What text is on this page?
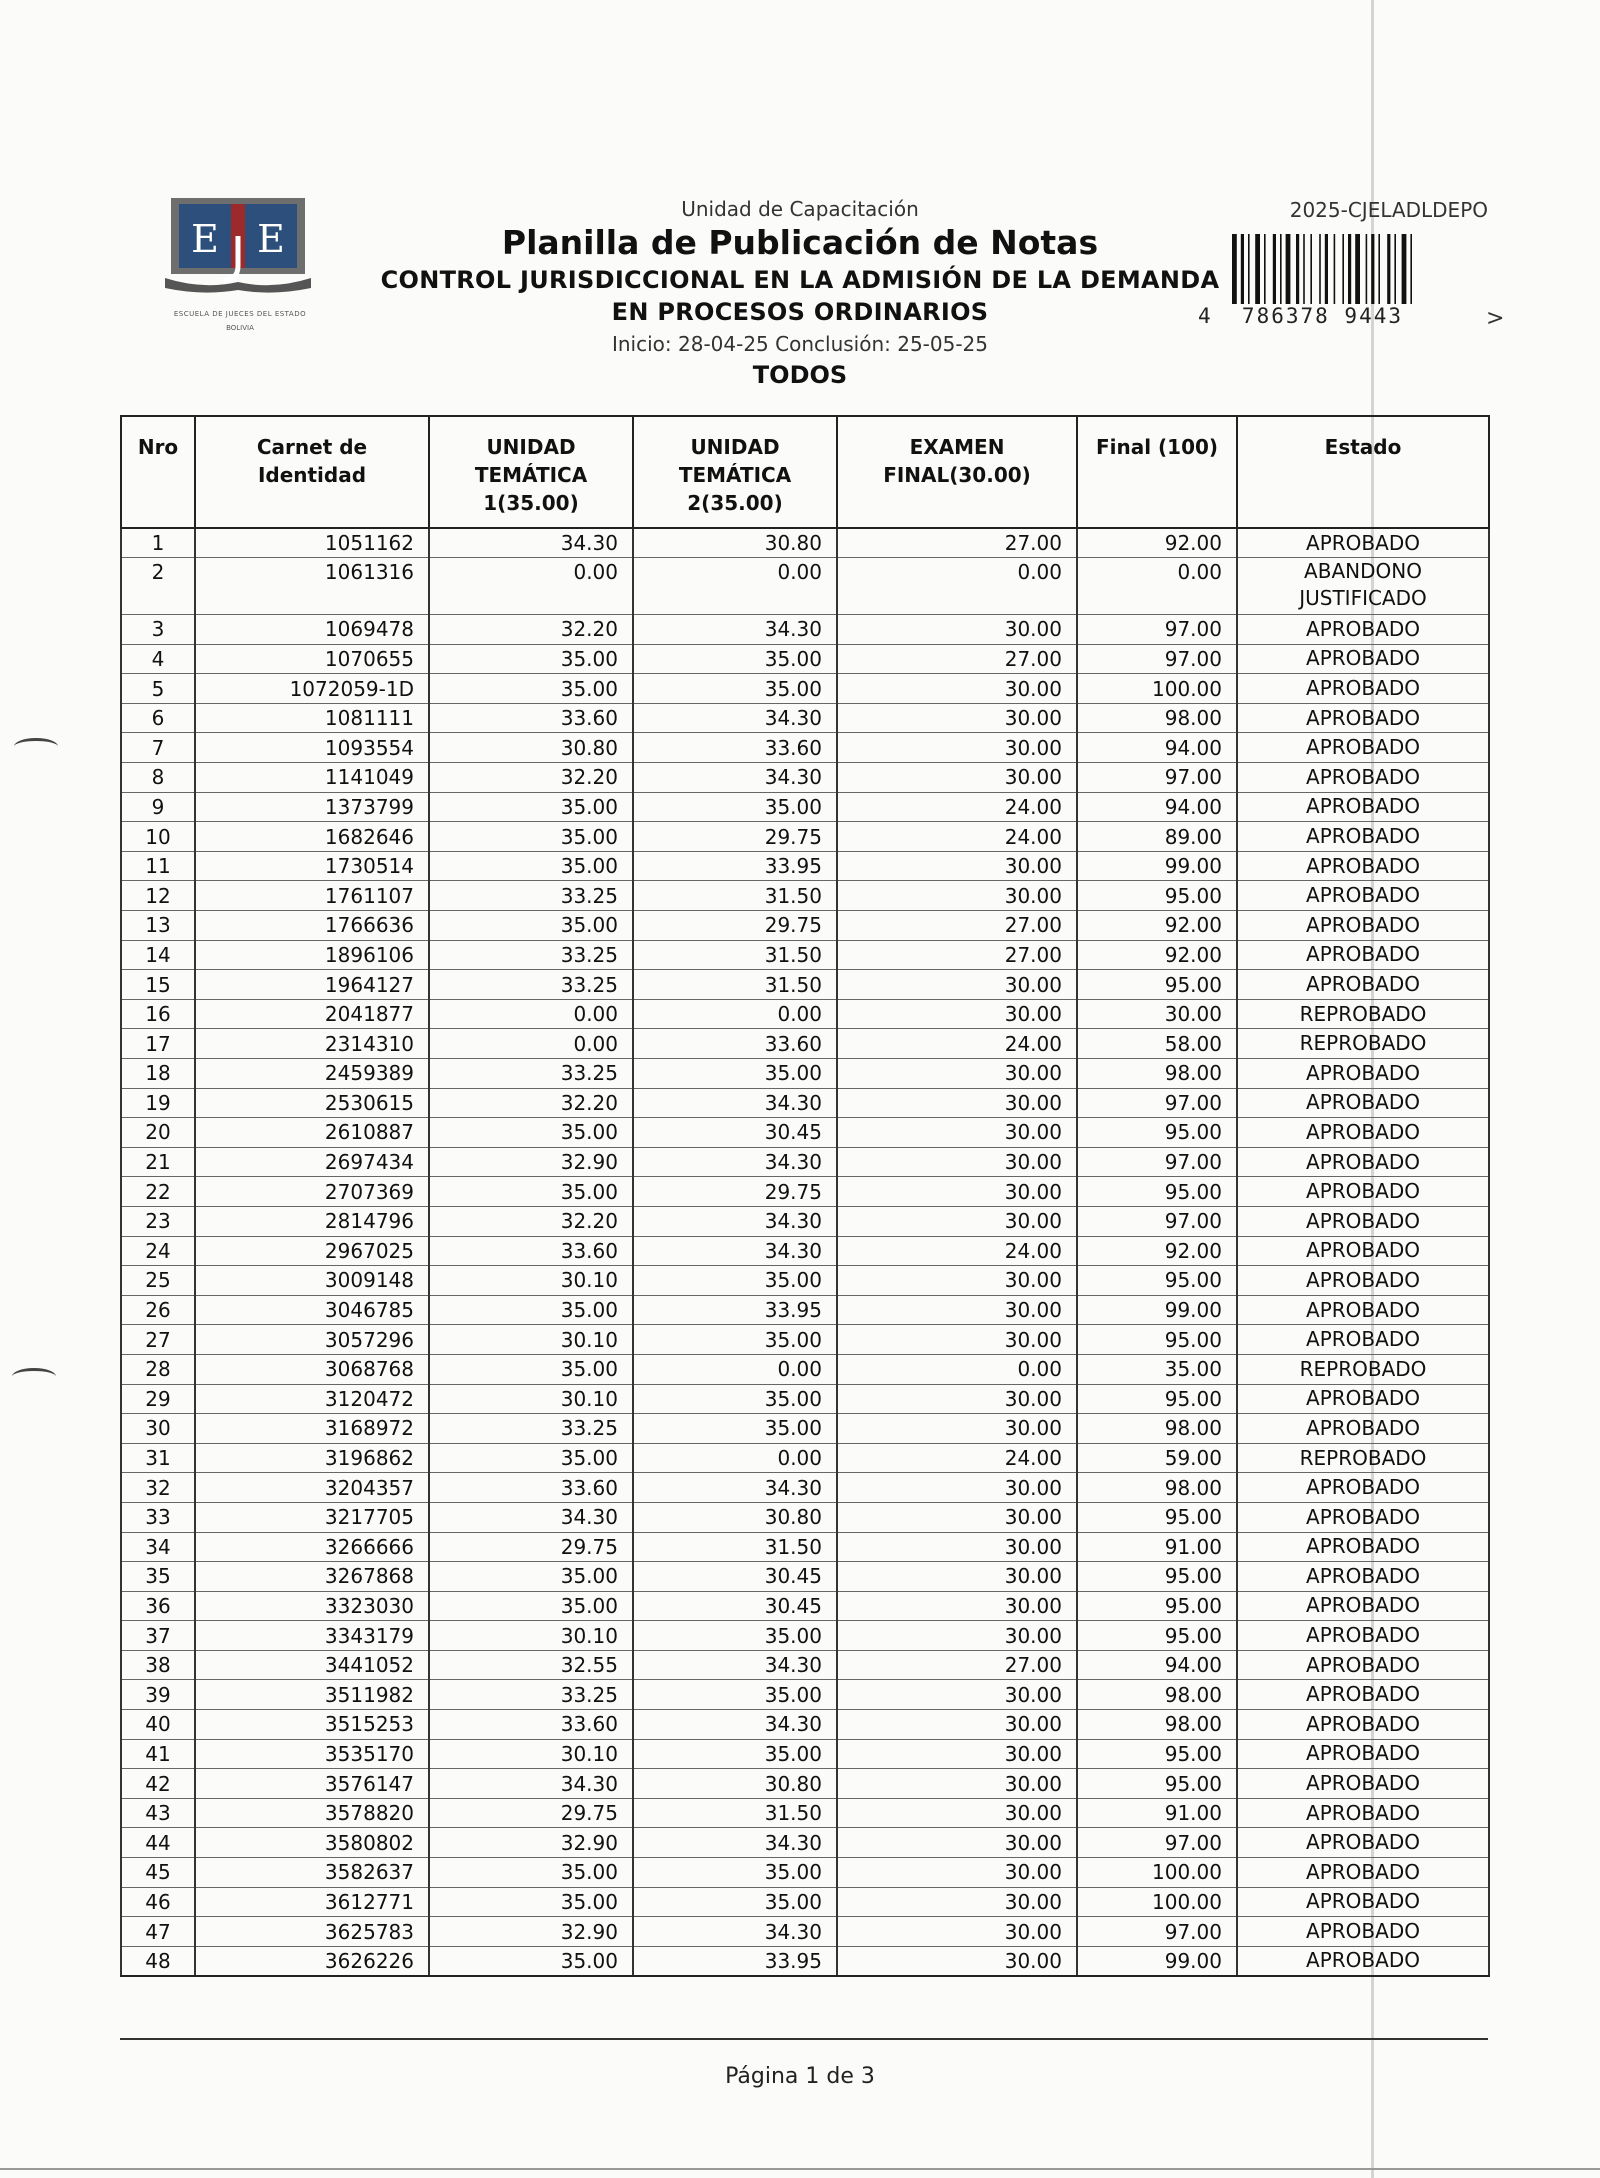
E E
ESCUELA DE JUECES DEL ESTADO
BOLIVIA
Unidad de Capacitación
Planilla de Publicación de Notas
CONTROL JURISDICCIONAL EN LA ADMISIÓN DE LA DEMANDA
EN PROCESOS ORDINARIOS
Inicio: 28-04-25 Conclusión: 25-05-25
TODOS
2025-CJELADLDEPO
4  786378 9443	>
Nro	Carnet de Identidad	UNIDAD TEMÁTICA 1(35.00)	UNIDAD TEMÁTICA 2(35.00)	EXAMEN FINAL(30.00)	Final (100)	Estado
1	1051162	34.30	30.80	27.00	92.00	APROBADO
2	1061316	0.00	0.00	0.00	0.00	ABANDONO JUSTIFICADO
3	1069478	32.20	34.30	30.00	97.00	APROBADO
4	1070655	35.00	35.00	27.00	97.00	APROBADO
5	1072059-1D	35.00	35.00	30.00	100.00	APROBADO
6	1081111	33.60	34.30	30.00	98.00	APROBADO
7	1093554	30.80	33.60	30.00	94.00	APROBADO
8	1141049	32.20	34.30	30.00	97.00	APROBADO
9	1373799	35.00	35.00	24.00	94.00	APROBADO
10	1682646	35.00	29.75	24.00	89.00	APROBADO
11	1730514	35.00	33.95	30.00	99.00	APROBADO
12	1761107	33.25	31.50	30.00	95.00	APROBADO
13	1766636	35.00	29.75	27.00	92.00	APROBADO
14	1896106	33.25	31.50	27.00	92.00	APROBADO
15	1964127	33.25	31.50	30.00	95.00	APROBADO
16	2041877	0.00	0.00	30.00	30.00	REPROBADO
17	2314310	0.00	33.60	24.00	58.00	REPROBADO
18	2459389	33.25	35.00	30.00	98.00	APROBADO
19	2530615	32.20	34.30	30.00	97.00	APROBADO
20	2610887	35.00	30.45	30.00	95.00	APROBADO
21	2697434	32.90	34.30	30.00	97.00	APROBADO
22	2707369	35.00	29.75	30.00	95.00	APROBADO
23	2814796	32.20	34.30	30.00	97.00	APROBADO
24	2967025	33.60	34.30	24.00	92.00	APROBADO
25	3009148	30.10	35.00	30.00	95.00	APROBADO
26	3046785	35.00	33.95	30.00	99.00	APROBADO
27	3057296	30.10	35.00	30.00	95.00	APROBADO
28	3068768	35.00	0.00	0.00	35.00	REPROBADO
29	3120472	30.10	35.00	30.00	95.00	APROBADO
30	3168972	33.25	35.00	30.00	98.00	APROBADO
31	3196862	35.00	0.00	24.00	59.00	REPROBADO
32	3204357	33.60	34.30	30.00	98.00	APROBADO
33	3217705	34.30	30.80	30.00	95.00	APROBADO
34	3266666	29.75	31.50	30.00	91.00	APROBADO
35	3267868	35.00	30.45	30.00	95.00	APROBADO
36	3323030	35.00	30.45	30.00	95.00	APROBADO
37	3343179	30.10	35.00	30.00	95.00	APROBADO
38	3441052	32.55	34.30	27.00	94.00	APROBADO
39	3511982	33.25	35.00	30.00	98.00	APROBADO
40	3515253	33.60	34.30	30.00	98.00	APROBADO
41	3535170	30.10	35.00	30.00	95.00	APROBADO
42	3576147	34.30	30.80	30.00	95.00	APROBADO
43	3578820	29.75	31.50	30.00	91.00	APROBADO
44	3580802	32.90	34.30	30.00	97.00	APROBADO
45	3582637	35.00	35.00	30.00	100.00	APROBADO
46	3612771	35.00	35.00	30.00	100.00	APROBADO
47	3625783	32.90	34.30	30.00	97.00	APROBADO
48	3626226	35.00	33.95	30.00	99.00	APROBADO
Página 1 de 3
